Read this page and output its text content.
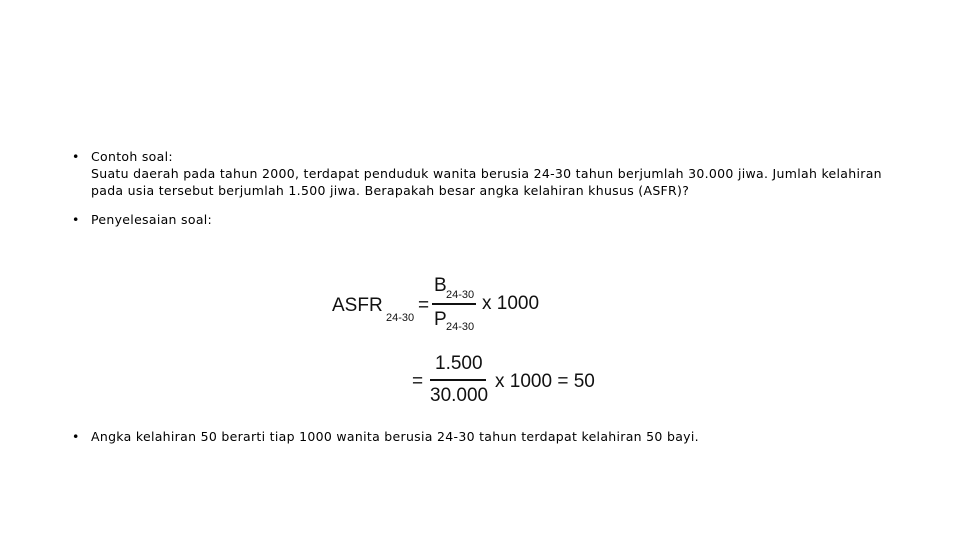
• Contoh soal:
Suatu daerah pada tahun 2000, terdapat penduduk wanita berusia 24-30 tahun berjumlah 30.000 jiwa. Jumlah kelahiran pada usia tersebut berjumlah 1.500 jiwa. Berapakah besar angka kelahiran khusus (ASFR)?
• Penyelesaian soal:
ASFR
24-30
=
B 24-30
P 24-30
x 1000
=
1.500
30.000
x 1000 = 50
• Angka kelahiran 50 berarti tiap 1000 wanita berusia 24-30 tahun terdapat kelahiran 50 bayi.
